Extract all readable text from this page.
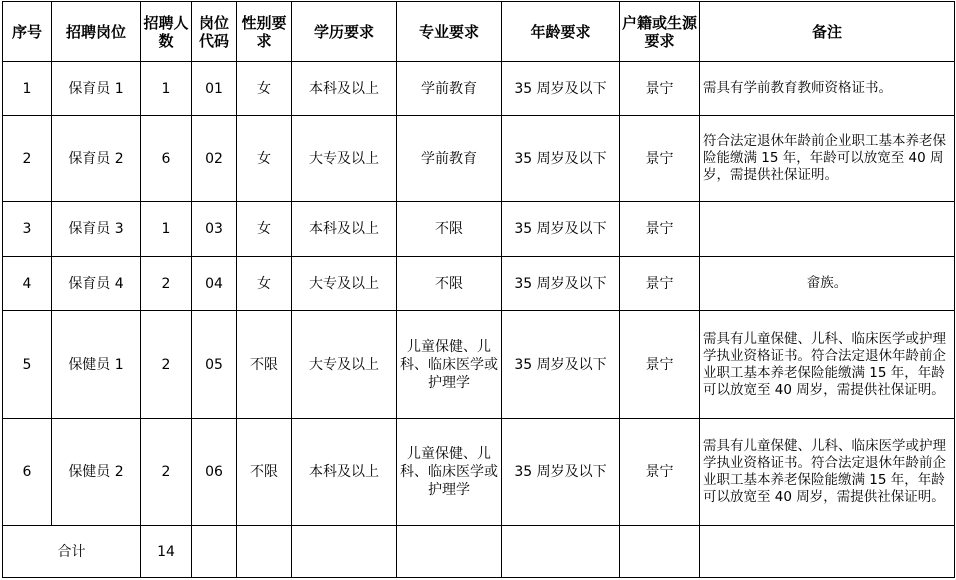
序号	招聘岗位	招聘人数	岗位代码	性别要求	学历要求	专业要求	年龄要求	户籍或生源要求	备注
1	保育员 1	1	01	女	本科及以上	学前教育	35 周岁及以下	景宁	需具有学前教育教师资格证书。
2	保育员 2	6	02	女	大专及以上	学前教育	35 周岁及以下	景宁	符合法定退休年龄前企业职工基本养老保险能缴满 15 年，年龄可以放宽至 40 周岁，需提供社保证明。
3	保育员 3	1	03	女	本科及以上	不限	35 周岁及以下	景宁	
4	保育员 4	2	04	女	大专及以上	不限	35 周岁及以下	景宁	畲族。
5	保健员 1	2	05	不限	大专及以上	儿童保健、儿科、临床医学或护理学	35 周岁及以下	景宁	需具有儿童保健、儿科、临床医学或护理学执业资格证书。符合法定退休年龄前企业职工基本养老保险能缴满 15 年，年龄可以放宽至 40 周岁，需提供社保证明。
6	保健员 2	2	06	不限	本科及以上	儿童保健、儿科、临床医学或护理学	35 周岁及以下	景宁	需具有儿童保健、儿科、临床医学或护理学执业资格证书。符合法定退休年龄前企业职工基本养老保险能缴满 15 年，年龄可以放宽至 40 周岁，需提供社保证明。
合计		14							
